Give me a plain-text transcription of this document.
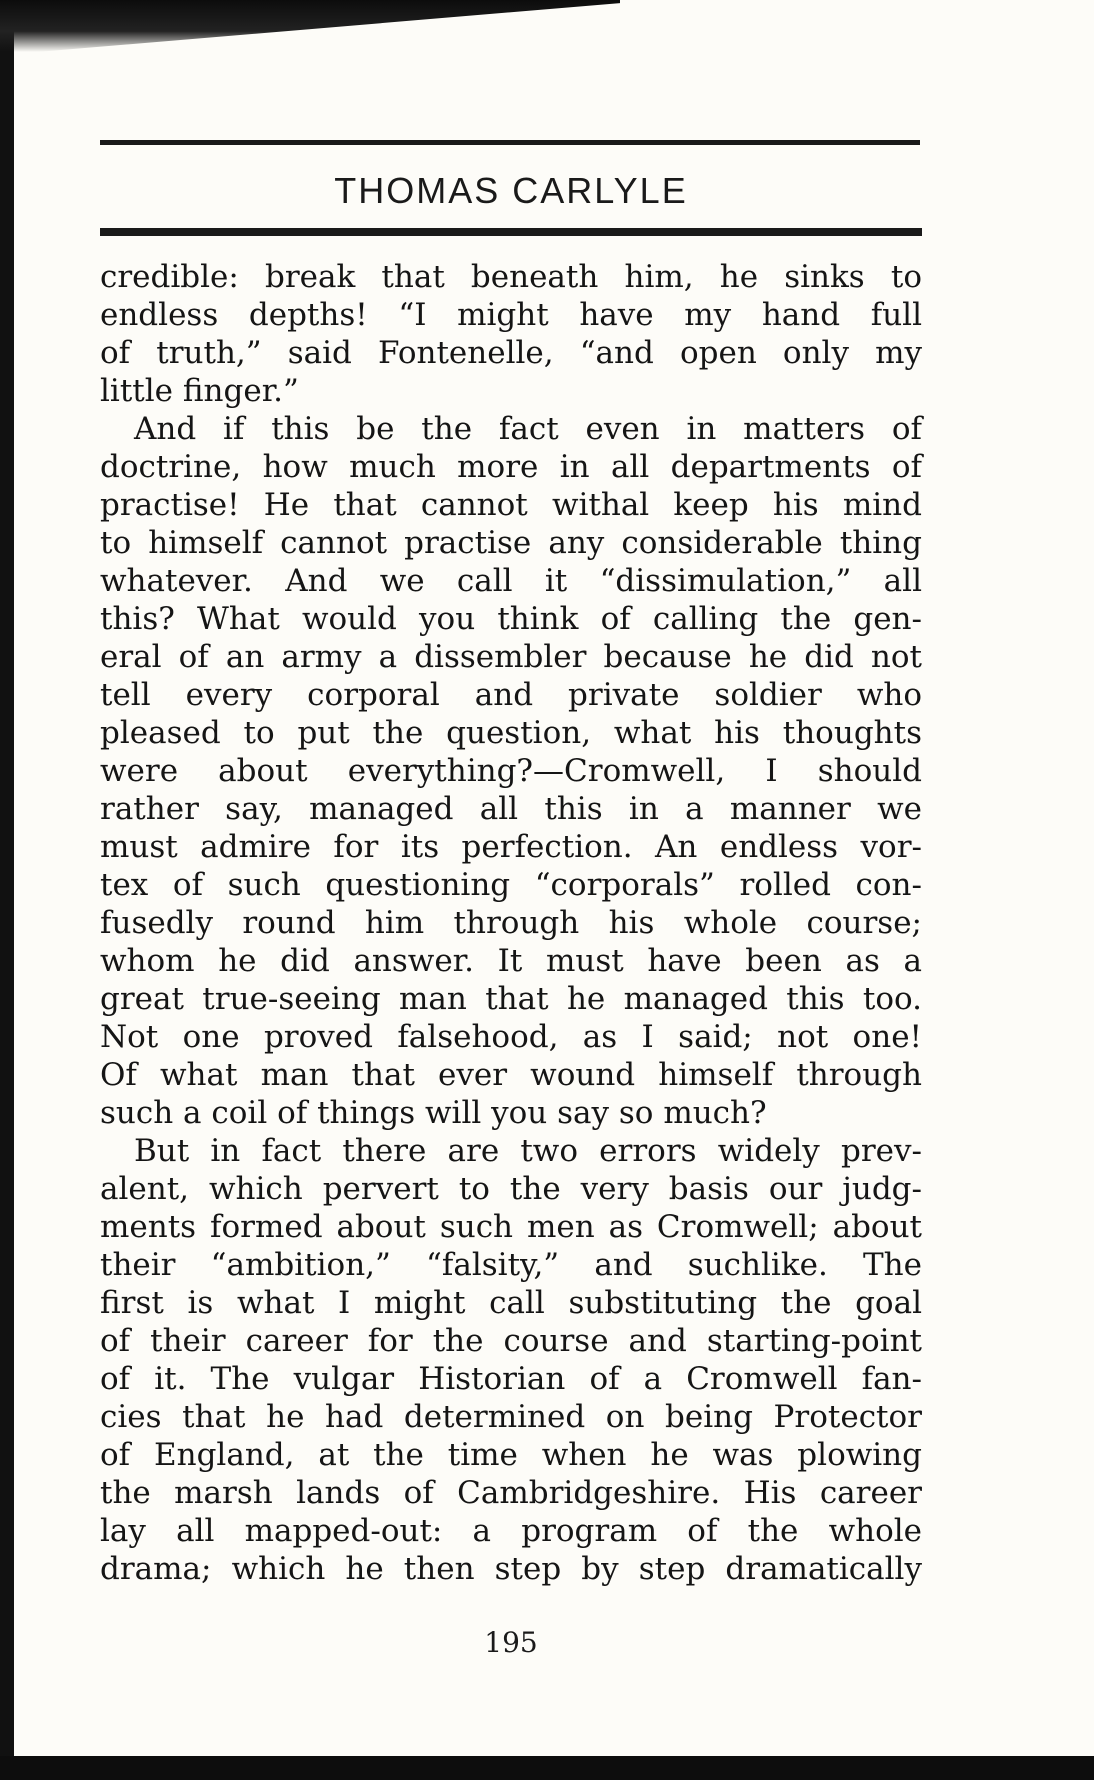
THOMAS CARLYLE
credible: break that beneath him, he sinks to
endless depths! “I might have my hand full
of truth,” said Fontenelle, “and open only my
little finger.”
And if this be the fact even in matters of
doctrine, how much more in all departments of
practise! He that cannot withal keep his mind
to himself cannot practise any considerable thing
whatever. And we call it “dissimulation,” all
this? What would you think of calling the gen-
eral of an army a dissembler because he did not
tell every corporal and private soldier who
pleased to put the question, what his thoughts
were about everything?—Cromwell, I should
rather say, managed all this in a manner we
must admire for its perfection. An endless vor-
tex of such questioning “corporals” rolled con-
fusedly round him through his whole course;
whom he did answer. It must have been as a
great true-seeing man that he managed this too.
Not one proved falsehood, as I said; not one!
Of what man that ever wound himself through
such a coil of things will you say so much?
But in fact there are two errors widely prev-
alent, which pervert to the very basis our judg-
ments formed about such men as Cromwell; about
their “ambition,” “falsity,” and suchlike. The
first is what I might call substituting the goal
of their career for the course and starting-point
of it. The vulgar Historian of a Cromwell fan-
cies that he had determined on being Protector
of England, at the time when he was plowing
the marsh lands of Cambridgeshire. His career
lay all mapped-out: a program of the whole
drama; which he then step by step dramatically
195
